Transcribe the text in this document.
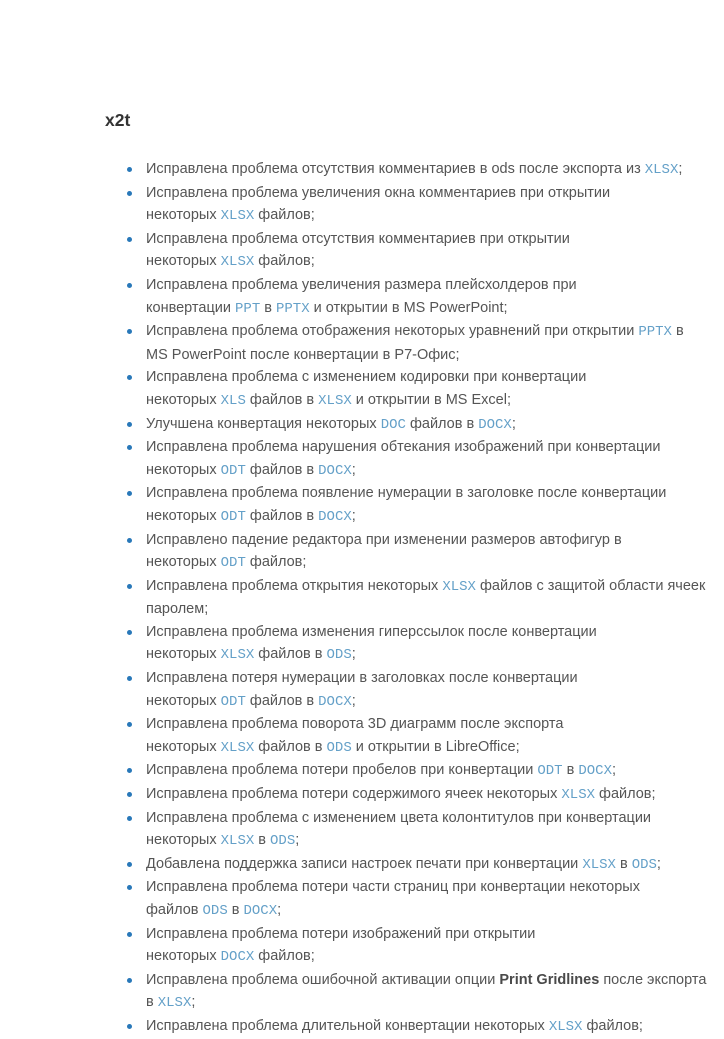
x2t
Исправлена проблема отсутствия комментариев в ods после экспорта из XLSX;
Исправлена проблема увеличения окна комментариев при открытии
некоторых XLSX файлов;
Исправлена проблема отсутствия комментариев при открытии
некоторых XLSX файлов;
Исправлена проблема увеличения размера плейсхолдеров при
конвертации PPT в PPTX и открытии в MS PowerPoint;
Исправлена проблема отображения некоторых уравнений при открытии PPTX в
MS PowerPoint после конвертации в Р7-Офис;
Исправлена проблема с изменением кодировки при конвертации
некоторых XLS файлов в XLSX и открытии в MS Excel;
Улучшена конвертация некоторых DOC файлов в DOCX;
Исправлена проблема нарушения обтекания изображений при конвертации
некоторых ODT файлов в DOCX;
Исправлена проблема появление нумерации в заголовке после конвертации
некоторых ODT файлов в DOCX;
Исправлено падение редактора при изменении размеров автофигур в
некоторых ODT файлов;
Исправлена проблема открытия некоторых XLSX файлов с защитой области ячеек
паролем;
Исправлена проблема изменения гиперссылок после конвертации
некоторых XLSX файлов в ODS;
Исправлена потеря нумерации в заголовках после конвертации
некоторых ODT файлов в DOCX;
Исправлена проблема поворота 3D диаграмм после экспорта
некоторых XLSX файлов в ODS и открытии в LibreOffice;
Исправлена проблема потери пробелов при конвертации ODT в DOCX;
Исправлена проблема потери содержимого ячеек некоторых XLSX файлов;
Исправлена проблема с изменением цвета колонтитулов при конвертации
некоторых XLSX в ODS;
Добавлена поддержка записи настроек печати при конвертации XLSX в ODS;
Исправлена проблема потери части страниц при конвертации некоторых
файлов ODS в DOCX;
Исправлена проблема потери изображений при открытии
некоторых DOCX файлов;
Исправлена проблема ошибочной активации опции Print Gridlines после экспорта
в XLSX;
Исправлена проблема длительной конвертации некоторых XLSX файлов;
